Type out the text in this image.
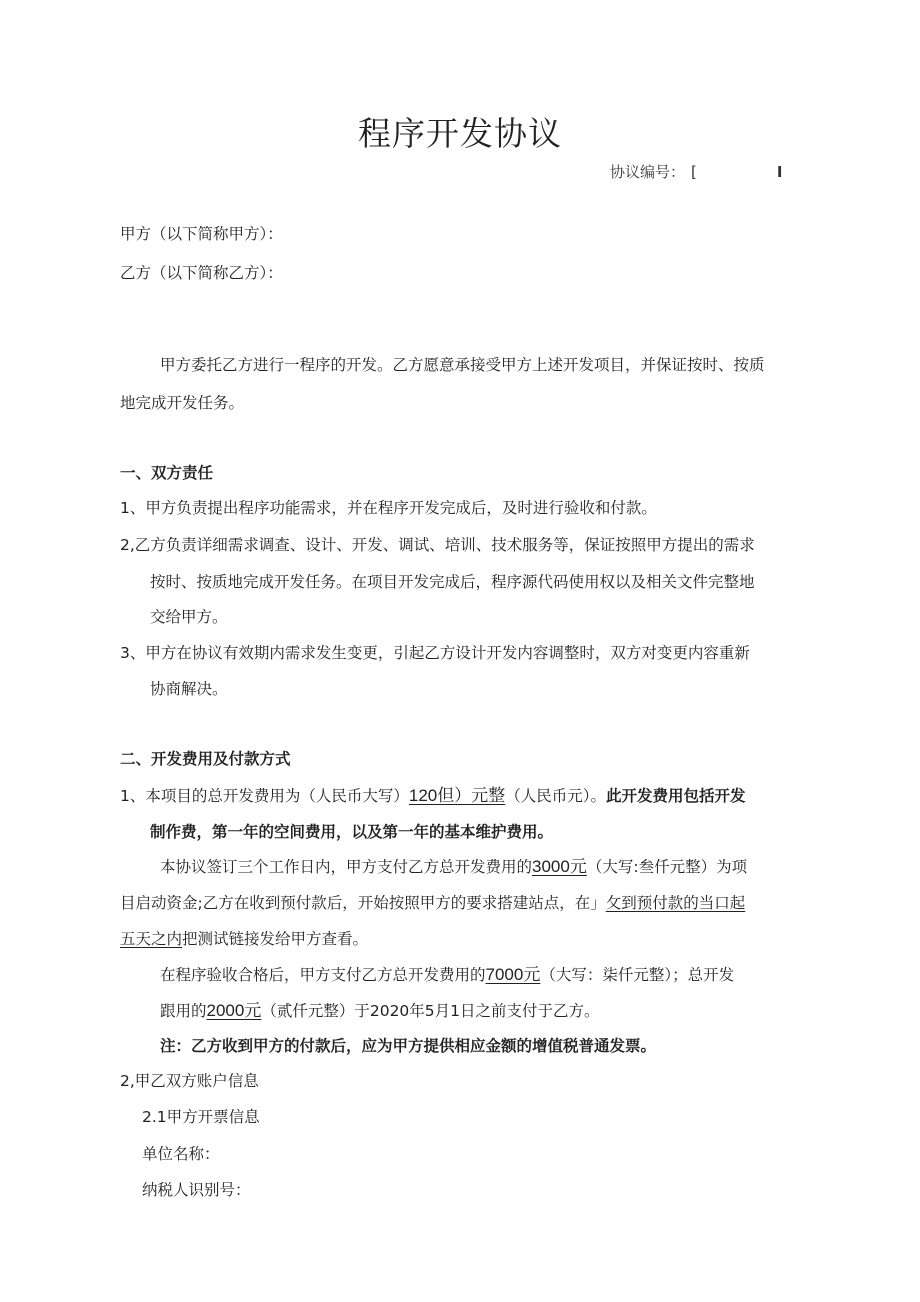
程序开发协议
协议编号： [	I
甲方（以下简称甲方）：
乙方（以下简称乙方）：
甲方委托乙方进行一程序的开发。乙方愿意承接受甲方上述开发项目，并保证按时、按质
地完成开发任务。
一、双方责任
1、甲方负责提出程序功能需求，并在程序开发完成后，及时进行验收和付款。
2,乙方负责详细需求调查、设计、开发、调试、培训、技术服务等，保证按照甲方提出的需求
按时、按质地完成开发任务。在项目开发完成后，程序源代码使用权以及相关文件完整地
交给甲方。
3、甲方在协议有效期内需求发生变更，引起乙方设计开发内容调整时，双方对变更内容重新
协商解决。
二、开发费用及付款方式
1、本项目的总开发费用为（人民币大写）120但）元整（人民币元）。此开发费用包括开发
制作费，第一年的空间费用，以及第一年的基本维护费用。
本协议签订三个工作日内，甲方支付乙方总开发费用的3000元（大写:叁仟元整）为项
目启动资金;乙方在收到预付款后，开始按照甲方的要求搭建站点，在」攵到预付款的当口起
五天之内把测试链接发给甲方查看。
在程序验收合格后，甲方支付乙方总开发费用的7000元（大写：柒仟元整）；总开发
跟用的2000元（贰仟元整）于2020年5月1日之前支付于乙方。
注：乙方收到甲方的付款后，应为甲方提供相应金额的增值税普通发票。
2,甲乙双方账户信息
2.1甲方开票信息
单位名称：
纳税人识别号：
